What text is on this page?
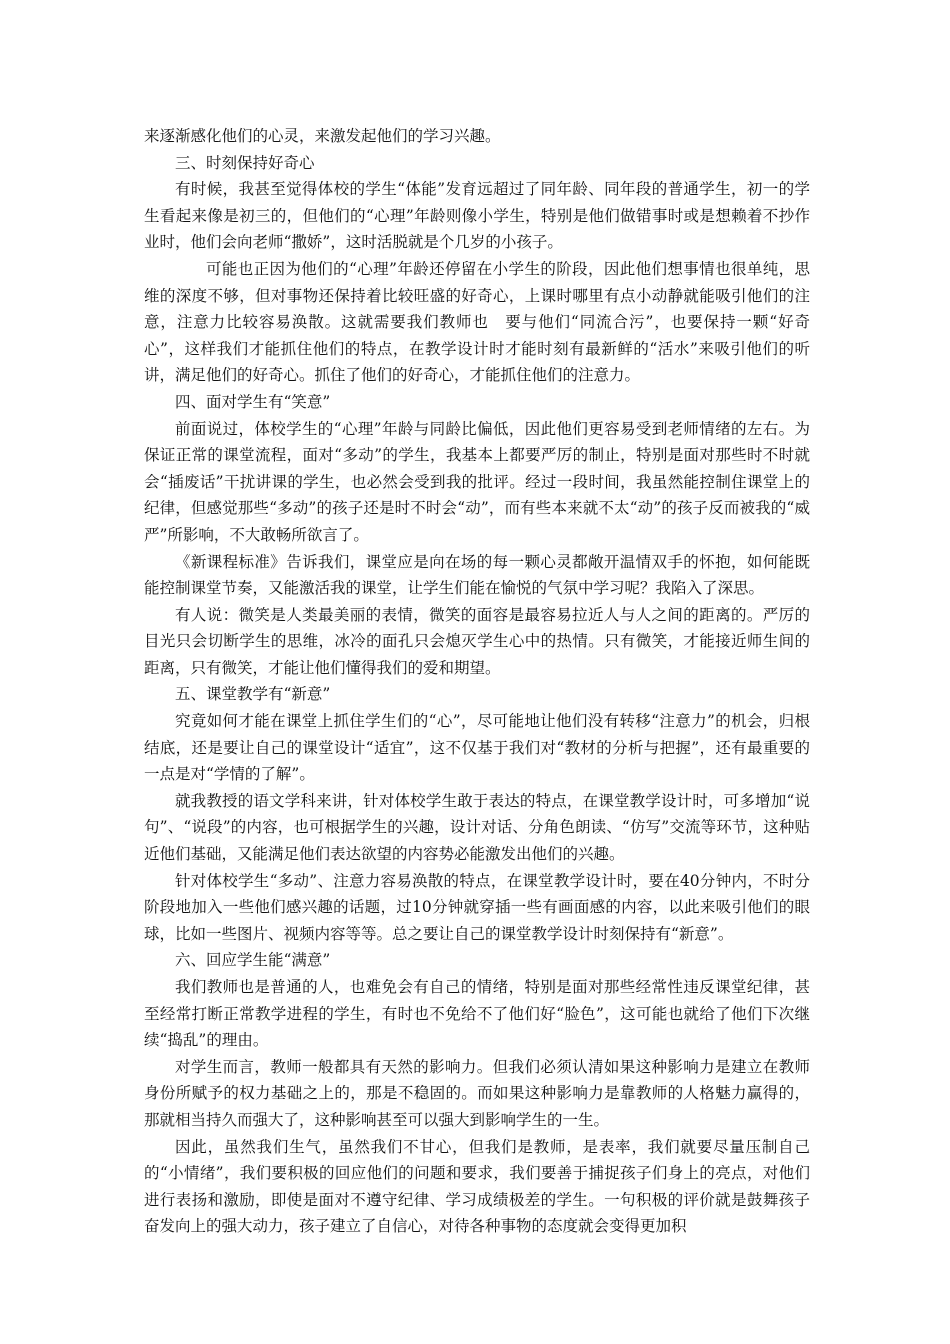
来逐渐感化他们的心灵，来激发起他们的学习兴趣。

三、时刻保持好奇心

有时候，我甚至觉得体校的学生“体能”发育远超过了同年龄、同年段的普通学生，初一的学生看起来像是初三的，但他们的“心理”年龄则像小学生，特别是他们做错事时或是想赖着不抄作业时，他们会向老师“撒娇”，这时活脱就是个几岁的小孩子。

可能也正因为他们的“心理”年龄还停留在小学生的阶段，因此他们想事情也很单纯，思维的深度不够，但对事物还保持着比较旺盛的好奇心，上课时哪里有点小动静就能吸引他们的注意，注意力比较容易涣散。这就需要我们教师也　要与他们“同流合污”，也要保持一颗“好奇心”，这样我们才能抓住他们的特点，在教学设计时才能时刻有最新鲜的“活水”来吸引他们的听讲，满足他们的好奇心。抓住了他们的好奇心，才能抓住他们的注意力。

四、面对学生有“笑意”

前面说过，体校学生的“心理”年龄与同龄比偏低，因此他们更容易受到老师情绪的左右。为保证正常的课堂流程，面对“多动”的学生，我基本上都要严厉的制止，特别是面对那些时不时就会“插废话”干扰讲课的学生，也必然会受到我的批评。经过一段时间，我虽然能控制住课堂上的纪律，但感觉那些“多动”的孩子还是时不时会“动”，而有些本来就不太“动”的孩子反而被我的“威严”所影响，不大敢畅所欲言了。

《新课程标准》告诉我们，课堂应是向在场的每一颗心灵都敞开温情双手的怀抱，如何能既能控制课堂节奏，又能激活我的课堂，让学生们能在愉悦的气氛中学习呢？我陷入了深思。

有人说：微笑是人类最美丽的表情，微笑的面容是最容易拉近人与人之间的距离的。严厉的目光只会切断学生的思维，冰冷的面孔只会熄灭学生心中的热情。只有微笑，才能接近师生间的距离，只有微笑，才能让他们懂得我们的爱和期望。

五、课堂教学有“新意”

究竟如何才能在课堂上抓住学生们的“心”，尽可能地让他们没有转移“注意力”的机会，归根结底，还是要让自己的课堂设计“适宜”，这不仅基于我们对“教材的分析与把握”，还有最重要的一点是对“学情的了解”。

就我教授的语文学科来讲，针对体校学生敢于表达的特点，在课堂教学设计时，可多增加“说句”、“说段”的内容，也可根据学生的兴趣，设计对话、分角色朗读、“仿写”交流等环节，这种贴近他们基础，又能满足他们表达欲望的内容势必能激发出他们的兴趣。

针对体校学生“多动”、注意力容易涣散的特点，在课堂教学设计时，要在40分钟内，不时分阶段地加入一些他们感兴趣的话题，过10分钟就穿插一些有画面感的内容，以此来吸引他们的眼球，比如一些图片、视频内容等等。总之要让自己的课堂教学设计时刻保持有“新意”。

六、回应学生能“满意”

我们教师也是普通的人，也难免会有自己的情绪，特别是面对那些经常性违反课堂纪律，甚至经常打断正常教学进程的学生，有时也不免给不了他们好“脸色”，这可能也就给了他们下次继续“捣乱”的理由。

对学生而言，教师一般都具有天然的影响力。但我们必须认清如果这种影响力是建立在教师身份所赋予的权力基础之上的，那是不稳固的。而如果这种影响力是靠教师的人格魅力赢得的，那就相当持久而强大了，这种影响甚至可以强大到影响学生的一生。

因此，虽然我们生气，虽然我们不甘心，但我们是教师，是表率，我们就要尽量压制自己的“小情绪”，我们要积极的回应他们的问题和要求，我们要善于捕捉孩子们身上的亮点，对他们进行表扬和激励，即使是面对不遵守纪律、学习成绩极差的学生。一句积极的评价就是鼓舞孩子奋发向上的强大动力，孩子建立了自信心，对待各种事物的态度就会变得更加积
